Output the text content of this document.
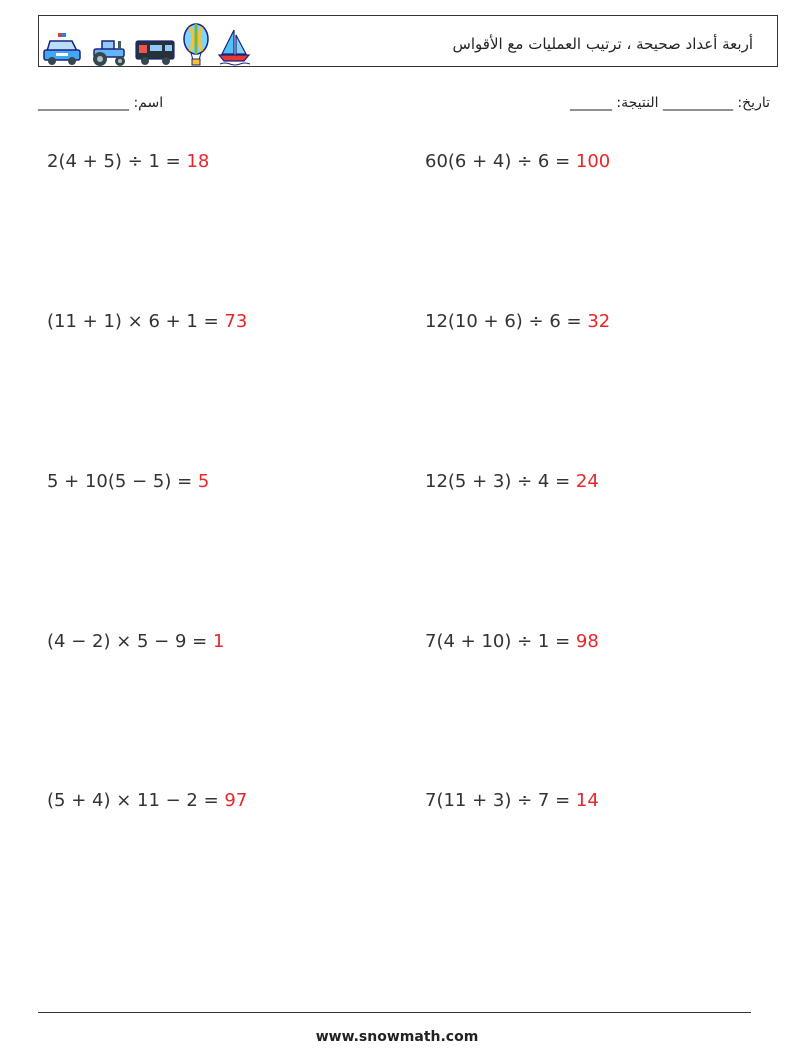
أربعة أعداد صحيحة ، ترتيب العمليات مع الأقواس
_____________ :اسم	______ :تاريخ: __________ النتيجة
2(4 + 5) ÷ 1 = 18	60(6 + 4) ÷ 6 = 100
(11 + 1) × 6 + 1 = 73	12(10 + 6) ÷ 6 = 32
5 + 10(5 − 5) = 5	12(5 + 3) ÷ 4 = 24
(4 − 2) × 5 − 9 = 1	7(4 + 10) ÷ 1 = 98
(5 + 4) × 11 − 2 = 97	7(11 + 3) ÷ 7 = 14
www.snowmath.com
